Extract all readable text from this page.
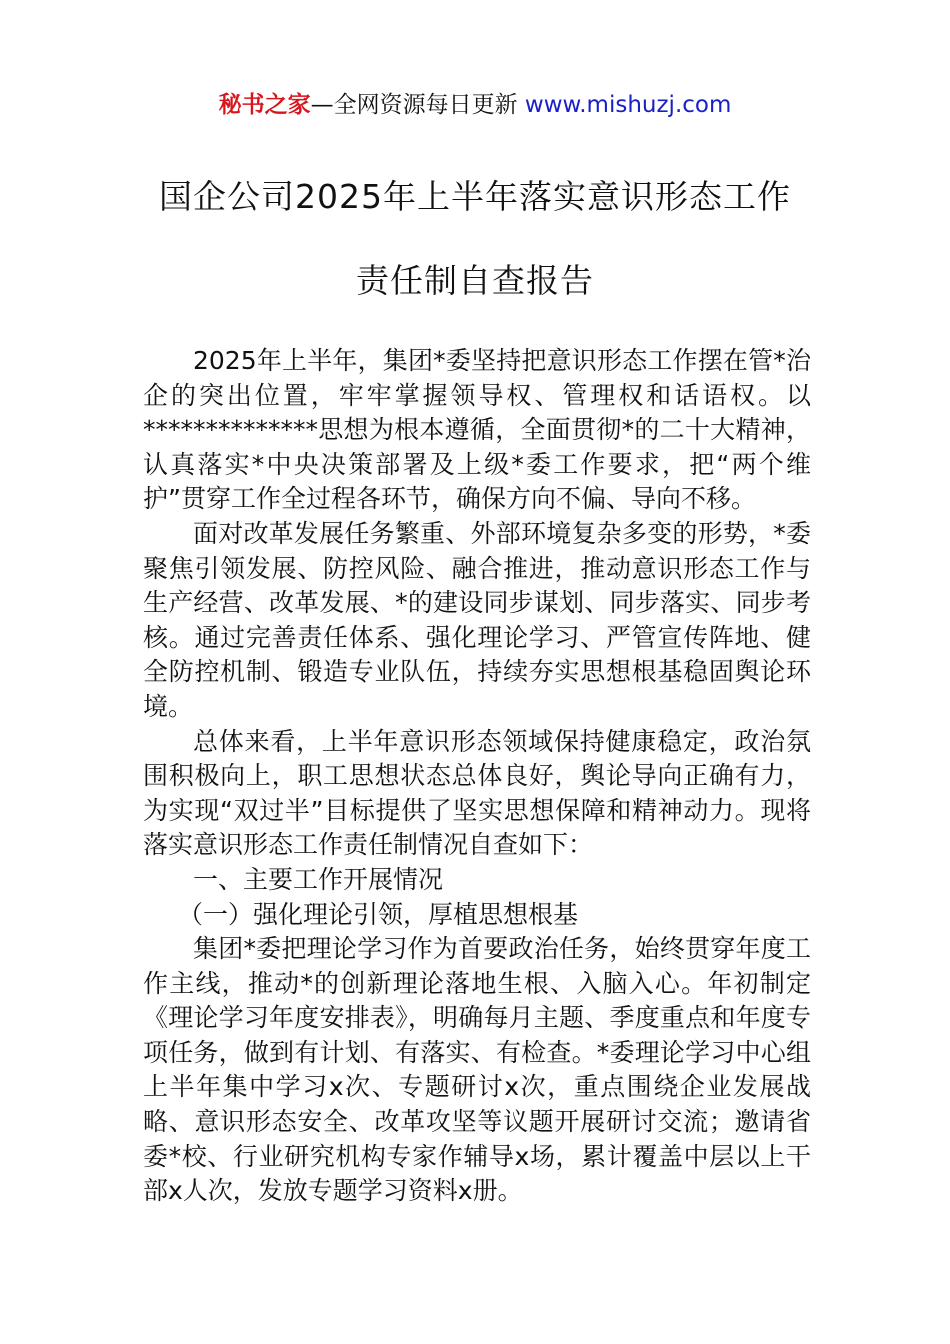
秘书之家—全网资源每日更新 www.mishuzj.com
国企公司2025年上半年落实意识形态工作
责任制自查报告

2025年上半年，集团*委坚持把意识形态工作摆在管*治企的突出位置，牢牢掌握领导权、管理权和话语权。以**************思想为根本遵循，全面贯彻*的二十大精神，认真落实*中央决策部署及上级*委工作要求，把“两个维护”贯穿工作全过程各环节，确保方向不偏、导向不移。

面对改革发展任务繁重、外部环境复杂多变的形势，*委聚焦引领发展、防控风险、融合推进，推动意识形态工作与生产经营、改革发展、*的建设同步谋划、同步落实、同步考核。通过完善责任体系、强化理论学习、严管宣传阵地、健全防控机制、锻造专业队伍，持续夯实思想根基稳固舆论环境。

总体来看，上半年意识形态领域保持健康稳定，政治氛围积极向上，职工思想状态总体良好，舆论导向正确有力，为实现“双过半”目标提供了坚实思想保障和精神动力。现将落实意识形态工作责任制情况自查如下：

一、主要工作开展情况

（一）强化理论引领，厚植思想根基

集团*委把理论学习作为首要政治任务，始终贯穿年度工作主线，推动*的创新理论落地生根、入脑入心。年初制定《理论学习年度安排表》，明确每月主题、季度重点和年度专项任务，做到有计划、有落实、有检查。*委理论学习中心组上半年集中学习x次、专题研讨x次，重点围绕企业发展战略、意识形态安全、改革攻坚等议题开展研讨交流；邀请省委*校、行业研究机构专家作辅导x场，累计覆盖中层以上干部x人次，发放专题学习资料x册。
